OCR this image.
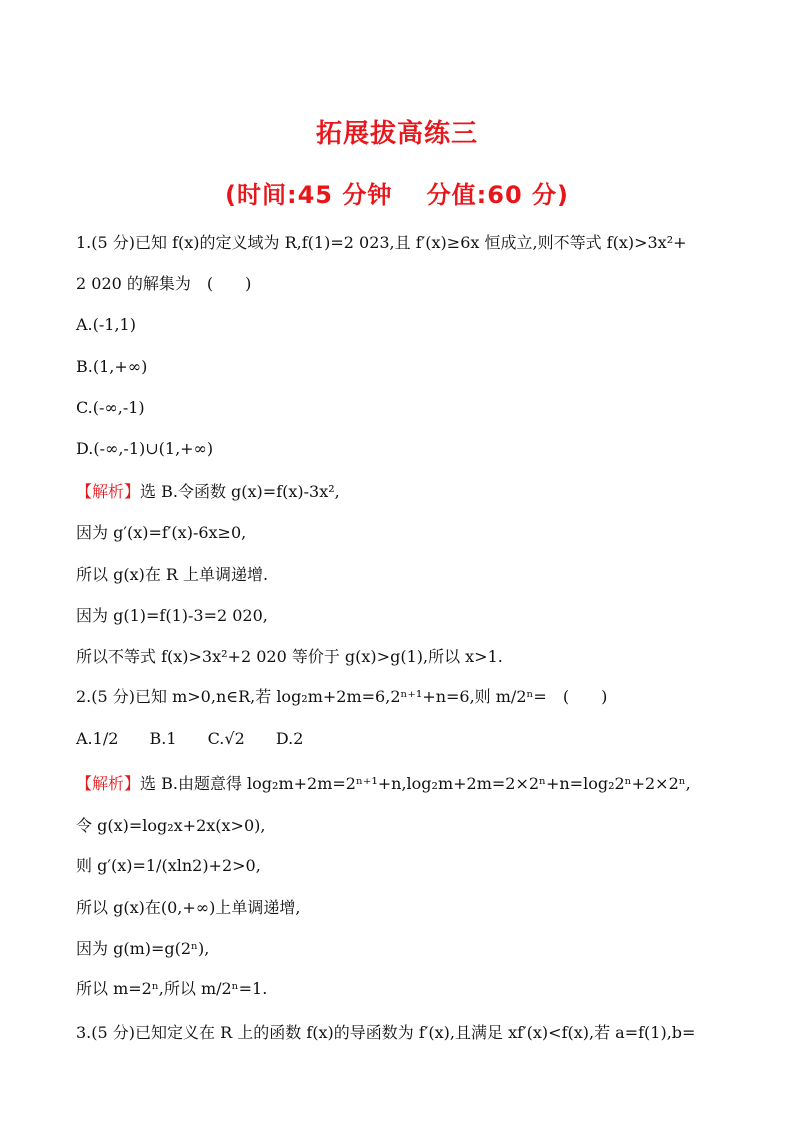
拓展拔高练三
(时间:45 分钟 　分值:60 分)
1.(5 分)已知 f(x)的定义域为 R,f(1)=2 023,且 f′(x)≥6x 恒成立,则不等式 f(x)>3x²+
2 020 的解集为　(　　)
A.(-1,1)
B.(1,+∞)
C.(-∞,-1)
D.(-∞,-1)∪(1,+∞)
【解析】选 B.令函数 g(x)=f(x)-3x²,
因为 g′(x)=f′(x)-6x≥0,
所以 g(x)在 R 上单调递增.
因为 g(1)=f(1)-3=2 020,
所以不等式 f(x)>3x²+2 020 等价于 g(x)>g(1),所以 x>1.
2.(5 分)已知 m>0,n∈R,若 log₂m+2m=6,2ⁿ⁺¹+n=6,则 m/2ⁿ=　(　　)
A.1/2 B.1 C.√2 D.2
【解析】选 B.由题意得 log₂m+2m=2ⁿ⁺¹+n,log₂m+2m=2×2ⁿ+n=log₂2ⁿ+2×2ⁿ,
令 g(x)=log₂x+2x(x>0),
则 g′(x)=1/(xln2)+2>0,
所以 g(x)在(0,+∞)上单调递增,
因为 g(m)=g(2ⁿ),
所以 m=2ⁿ,所以 m/2ⁿ=1.
3.(5 分)已知定义在 R 上的函数 f(x)的导函数为 f′(x),且满足 xf′(x)<f(x),若 a=f(1),b=
